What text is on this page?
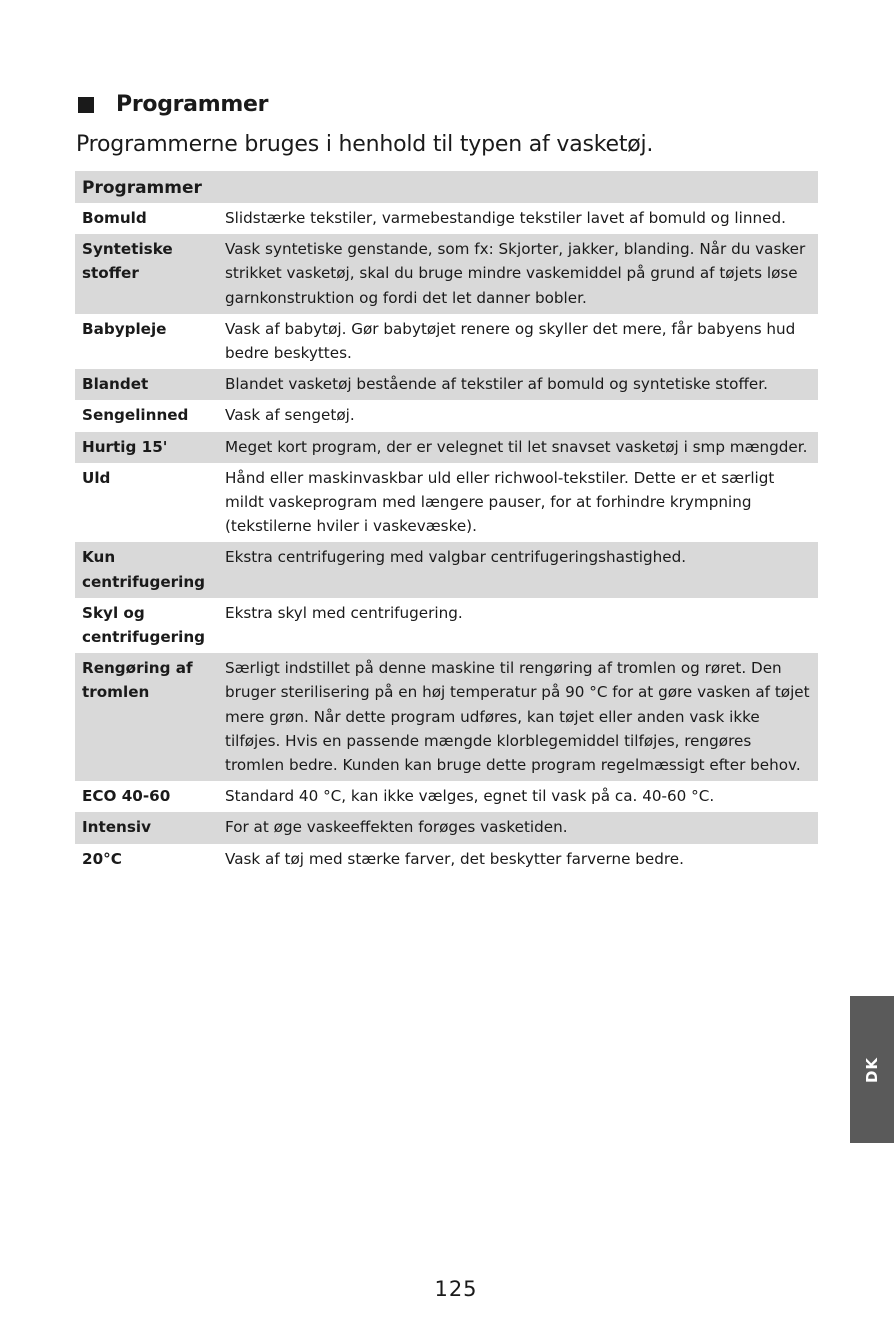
Programmer
Programmerne bruges i henhold til typen af vasketøj.
Programmer	
Bomuld	Slidstærke tekstiler, varmebestandige tekstiler lavet af bomuld og linned.
Syntetiske stoffer	Vask syntetiske genstande, som fx: Skjorter, jakker, blanding. Når du vasker strikket vasketøj, skal du bruge mindre vaskemiddel på grund af tøjets løse garnkonstruktion og fordi det let danner bobler.
Babypleje	Vask af babytøj. Gør babytøjet renere og skyller det mere, får babyens hud bedre beskyttes.
Blandet	Blandet vasketøj bestående af tekstiler af bomuld og syntetiske stoffer.
Sengelinned	Vask af sengetøj.
Hurtig 15'	Meget kort program, der er velegnet til let snavset vasketøj i smp mængder.
Uld	Hånd eller maskinvaskbar uld eller richwool-tekstiler. Dette er et særligt mildt vaskeprogram med længere pauser, for at forhindre krympning (tekstilerne hviler i vaskevæske).
Kun centrifugering	Ekstra centrifugering med valgbar centrifugeringshastighed.
Skyl og centrifugering	Ekstra skyl med centrifugering.
Rengøring af tromlen	Særligt indstillet på denne maskine til rengøring af tromlen og røret. Den bruger sterilisering på en høj temperatur på 90 °C for at gøre vasken af tøjet mere grøn. Når dette program udføres, kan tøjet eller anden vask ikke tilføjes. Hvis en passende mængde klorblegemiddel tilføjes, rengøres tromlen bedre. Kunden kan bruge dette program regelmæssigt efter behov.
ECO 40-60	Standard 40 °C, kan ikke vælges, egnet til vask på ca. 40-60 °C.
Intensiv	For at øge vaskeeffekten forøges vasketiden.
20°C	Vask af tøj med stærke farver, det beskytter farverne bedre.
DK
125
